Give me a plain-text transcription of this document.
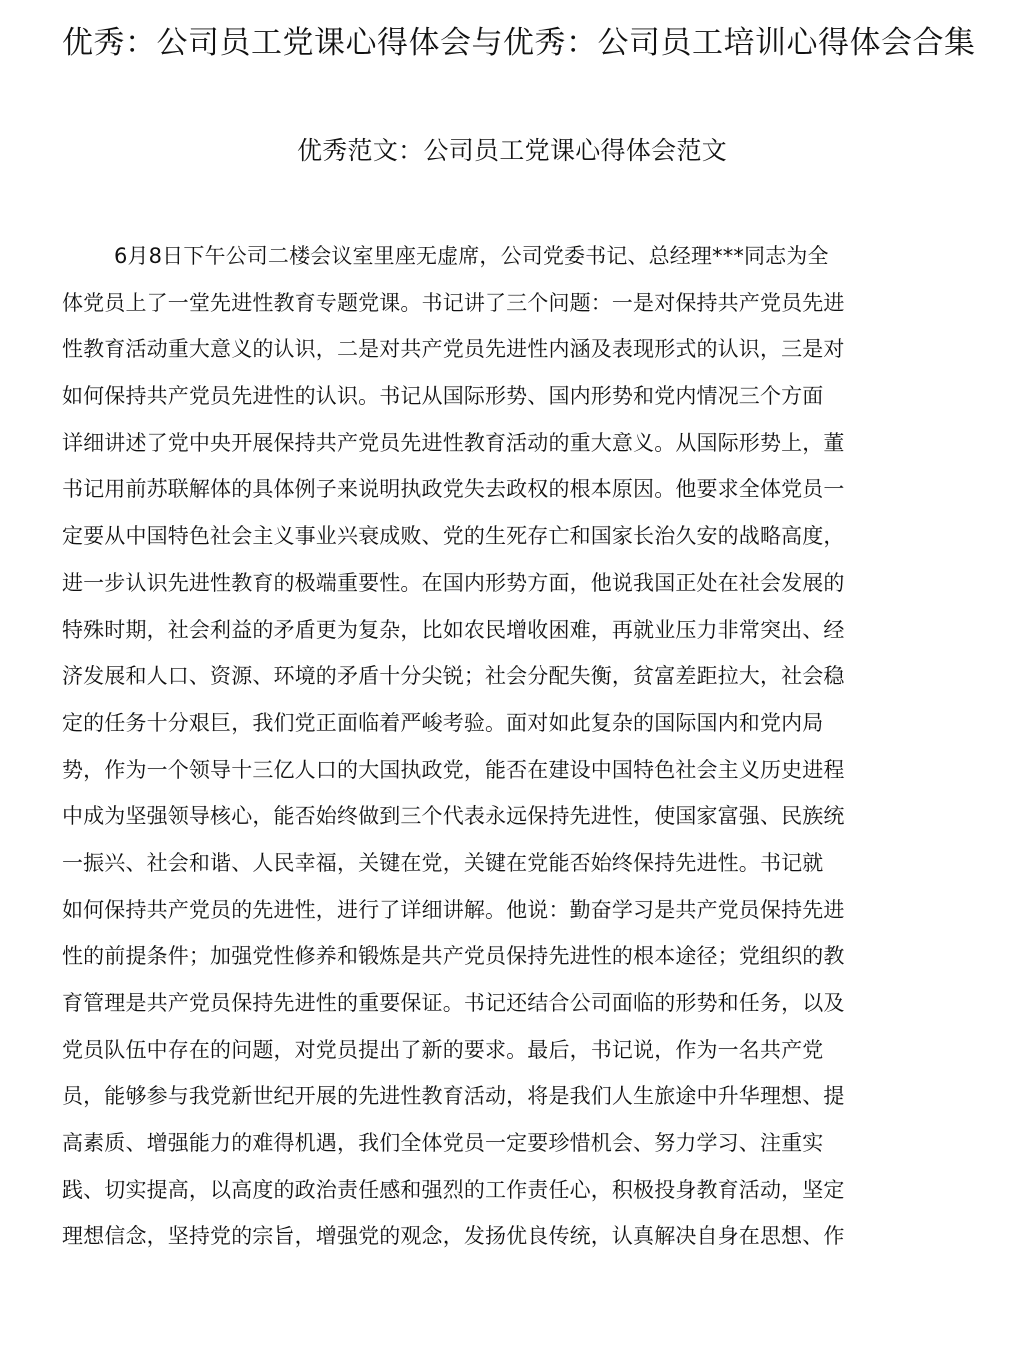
优秀：公司员工党课心得体会与优秀：公司员工培训心得体会合集
优秀范文：公司员工党课心得体会范文
6月8日下午公司二楼会议室里座无虚席，公司党委书记、总经理***同志为全
体党员上了一堂先进性教育专题党课。书记讲了三个问题：一是对保持共产党员先进
性教育活动重大意义的认识，二是对共产党员先进性内涵及表现形式的认识，三是对
如何保持共产党员先进性的认识。书记从国际形势、国内形势和党内情况三个方面
详细讲述了党中央开展保持共产党员先进性教育活动的重大意义。从国际形势上，董
书记用前苏联解体的具体例子来说明执政党失去政权的根本原因。他要求全体党员一
定要从中国特色社会主义事业兴衰成败、党的生死存亡和国家长治久安的战略高度，
进一步认识先进性教育的极端重要性。在国内形势方面，他说我国正处在社会发展的
特殊时期，社会利益的矛盾更为复杂，比如农民增收困难，再就业压力非常突出、经
济发展和人口、资源、环境的矛盾十分尖锐；社会分配失衡，贫富差距拉大，社会稳
定的任务十分艰巨，我们党正面临着严峻考验。面对如此复杂的国际国内和党内局
势，作为一个领导十三亿人口的大国执政党，能否在建设中国特色社会主义历史进程
中成为坚强领导核心，能否始终做到三个代表永远保持先进性，使国家富强、民族统
一振兴、社会和谐、人民幸福，关键在党，关键在党能否始终保持先进性。书记就
如何保持共产党员的先进性，进行了详细讲解。他说：勤奋学习是共产党员保持先进
性的前提条件；加强党性修养和锻炼是共产党员保持先进性的根本途径；党组织的教
育管理是共产党员保持先进性的重要保证。书记还结合公司面临的形势和任务，以及
党员队伍中存在的问题，对党员提出了新的要求。最后，书记说，作为一名共产党
员，能够参与我党新世纪开展的先进性教育活动，将是我们人生旅途中升华理想、提
高素质、增强能力的难得机遇，我们全体党员一定要珍惜机会、努力学习、注重实
践、切实提高，以高度的政治责任感和强烈的工作责任心，积极投身教育活动，坚定
理想信念，坚持党的宗旨，增强党的观念，发扬优良传统，认真解决自身在思想、作
